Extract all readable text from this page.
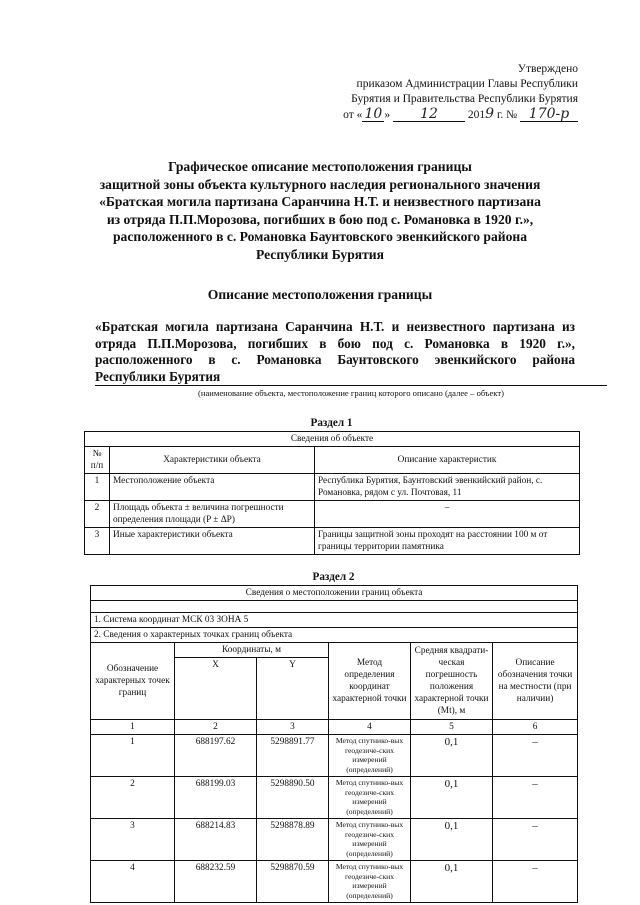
Утверждено
приказом Администрации Главы Республики
Бурятия и Правительства Республики Бурятия
от « 10 » 12	2019 г. № 170-р
Графическое описание местоположения границы
защитной зоны объекта культурного наследия регионального значения
«Братская могила партизана Саранчина Н.Т. и неизвестного партизана
из отряда П.П.Морозова, погибших в бою под с. Романовка в 1920 г.»,
расположенного в с. Романовка Баунтовского эвенкийского района
Республики Бурятия
Описание местоположения границы
«Братская могила партизана Саранчина Н.Т. и неизвестного партизана из
отряда П.П.Морозова, погибших в бою под с. Романовка в 1920 г.»,
расположенного в с. Романовка Баунтовского эвенкийского района
Республики Бурятия
(наименование объекта, местоположение границ которого описано (далее – объект)
Раздел 1
Сведения об объекте		
№ п/п	Характеристики объекта	Описание характеристик
1	Местоположение объекта	Республика Бурятия, Баунтовский эвенкийский район, с. Романовка, рядом с ул. Почтовая, 11
2	Площадь объекта ± величина погрешности определения площади (P ± ΔP)	–
3	Иные характеристики объекта	Границы защитной зоны проходят на расстоянии 100 м от границы территории памятника
Раздел 2
Сведения о местоположении границ объекта					

1. Система координат МСК 03 ЗОНА 5					
2. Сведения о характерных точках границ объекта					
Обозначение характерных точек границ	Координаты, м		Метод определения координат характерной точки	Средняя квадрати-ческая погрешность положения характерной точки (Mt), м	Описание обозначения точки на местности (при наличии)
	X	Y			
1	2	3	4	5	6
1	688197.62	5298891.77	Метод спутнико-вых геодезиче-ских измерений (определений)	0,1	–
2	688199.03	5298890.50	Метод спутнико-вых геодезиче-ских измерений (определений)	0,1	–
3	688214.83	5298878.89	Метод спутнико-вых геодезиче-ских измерений (определений)	0,1	–
4	688232.59	5298870.59	Метод спутнико-вых геодезиче-ских измерений (определений)	0,1	–
